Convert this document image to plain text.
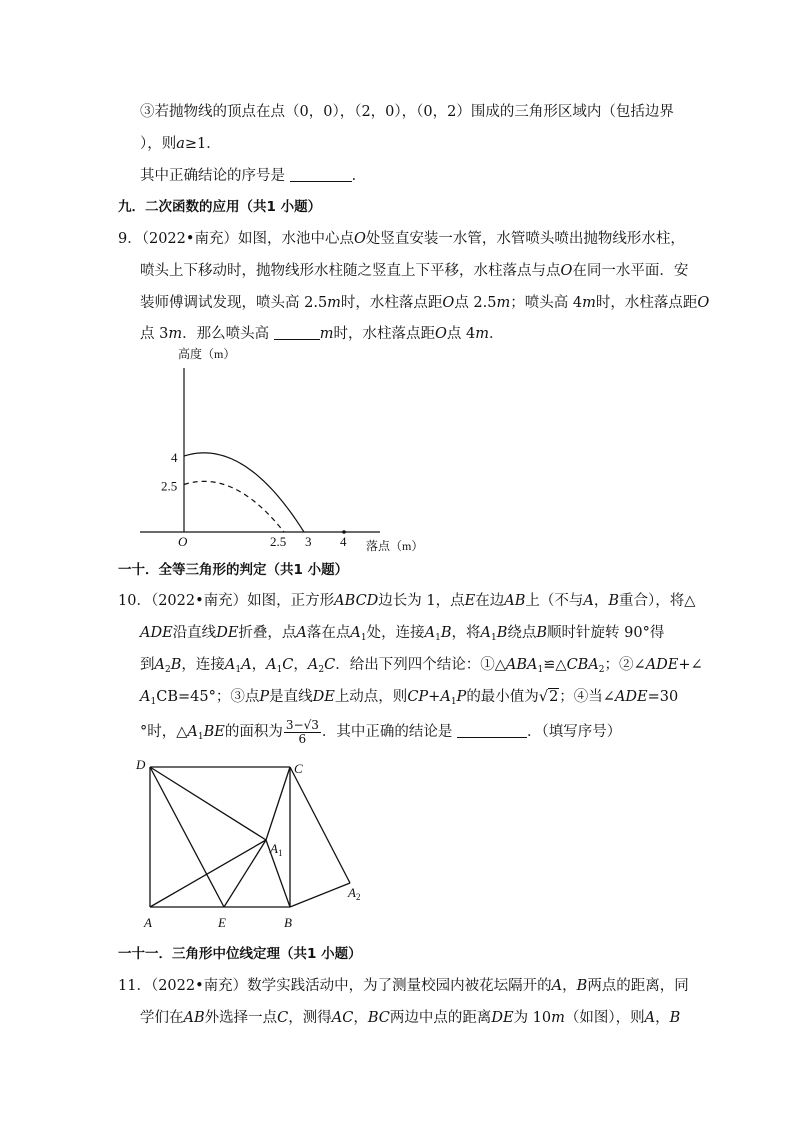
③若抛物线的顶点在点（0，0），（2，0），（0，2）围成的三角形区域内（包括边界
），则a≥1．
其中正确结论的序号是	．
九．二次函数的应用（共1 小题）
9．（2022•南充）如图，水池中心点O处竖直安装一水管，水管喷头喷出抛物线形水柱，
喷头上下移动时，抛物线形水柱随之竖直上下平移，水柱落点与点O在同一水平面．安
装师傅调试发现，喷头高 2.5m时，水柱落点距O点 2.5m；喷头高 4m时，水柱落点距O
点 3m．那么喷头高	m时，水柱落点距O点 4m．
高度（m）
落点（m）
O	2.5 3 4
4
2.5
一十．全等三角形的判定（共1 小题）
10．（2022•南充）如图，正方形ABCD边长为 1，点E在边AB上（不与A，B重合），将△
ADE沿直线DE折叠，点A落在点$A_1$处，连接$A_1B$，将$A_1B$绕点B顺时针旋转 90°得
到$A_2B$，连接$A_1A$，$A_1C$，$A_2C$．给出下列四个结论：$①\triangle ABA_1≌\triangle CBA_2$；②∠ADE+∠
$A_1CB=45^\circ$；③点P是直线DE上动点，则$CP+A_1P$的最小值为√2；④当∠ADE=30
°时，$\triangle A_1BE$的面积为 $\frac{3-√3}{6}$ ．其中正确的结论是	．（填写序号）
D	C
A	E	B
$A_1$
$A_2$
一十一．三角形中位线定理（共1 小题）
11．（2022•南充）数学实践活动中，为了测量校园内被花坛隔开的A，B两点的距离，同
学们在AB外选择一点C，测得AC，BC两边中点的距离DE为 10m（如图），则A，B
